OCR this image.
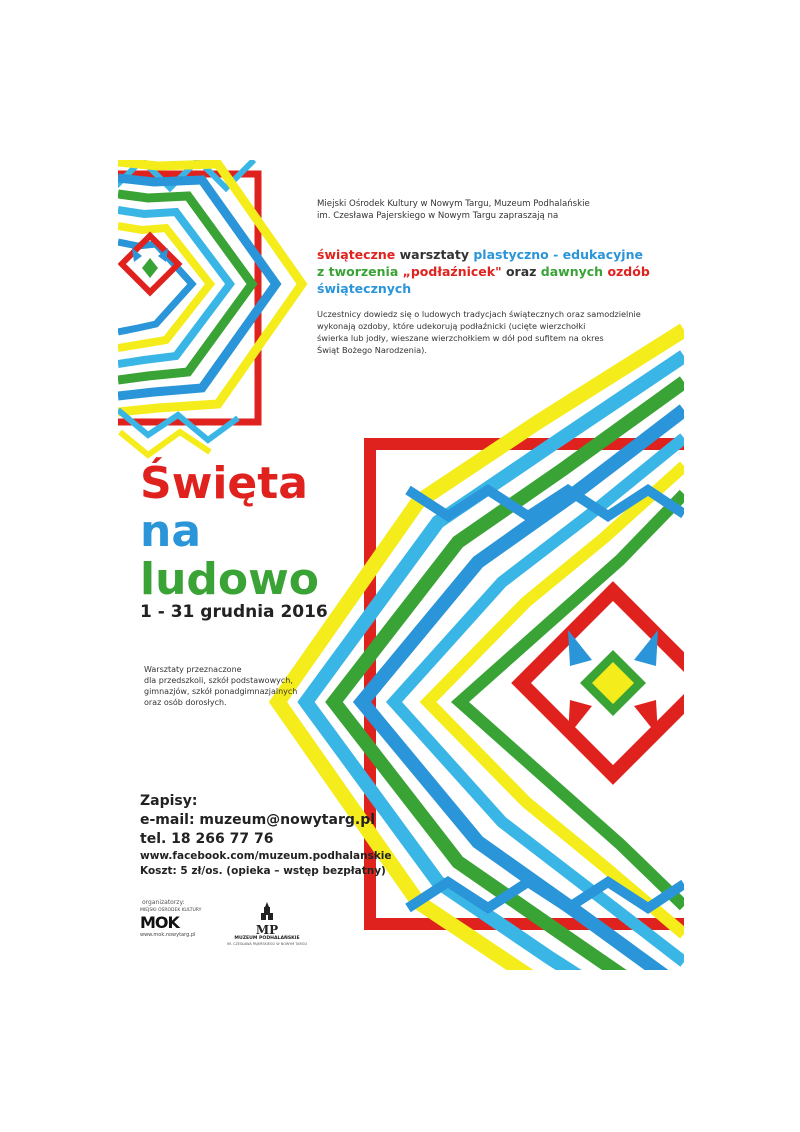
Miejski Ośrodek Kultury w Nowym Targu, Muzeum Podhalańskie
im. Czesława Pajerskiego w Nowym Targu zapraszają na
świąteczne warsztaty plastyczno - edukacyjne
z tworzenia „podłaźnicek" oraz dawnych ozdób
świątecznych
Uczestnicy dowiedz się o ludowych tradycjach świątecznych oraz samodzielnie
wykonają ozdoby, które udekorują podłaźnicki (ucięte wierzchołki
świerka lub jodły, wieszane wierzchołkiem w dół pod sufitem na okres
Świąt Bożego Narodzenia).
Święta
na
ludowo
1 - 31 grudnia 2016
Warsztaty przeznaczone
dla przedszkoli, szkół podstawowych,
gimnazjów, szkół ponadgimnazjalnych
oraz osób dorosłych.
Zapisy:
e-mail: muzeum@nowytarg.pl
tel. 18 266 77 76
www.facebook.com/muzeum.podhalanskie
Koszt: 5 zł/os. (opieka – wstęp bezpłatny)
organizatorzy:
MIEJSKI OŚRODEK KULTURY
MOK
www.mok.nowytarg.pl	MP
MUZEUM PODHALAŃSKIE
IM. CZESŁAWA PAJERSKIEGO W NOWYM TARGU
